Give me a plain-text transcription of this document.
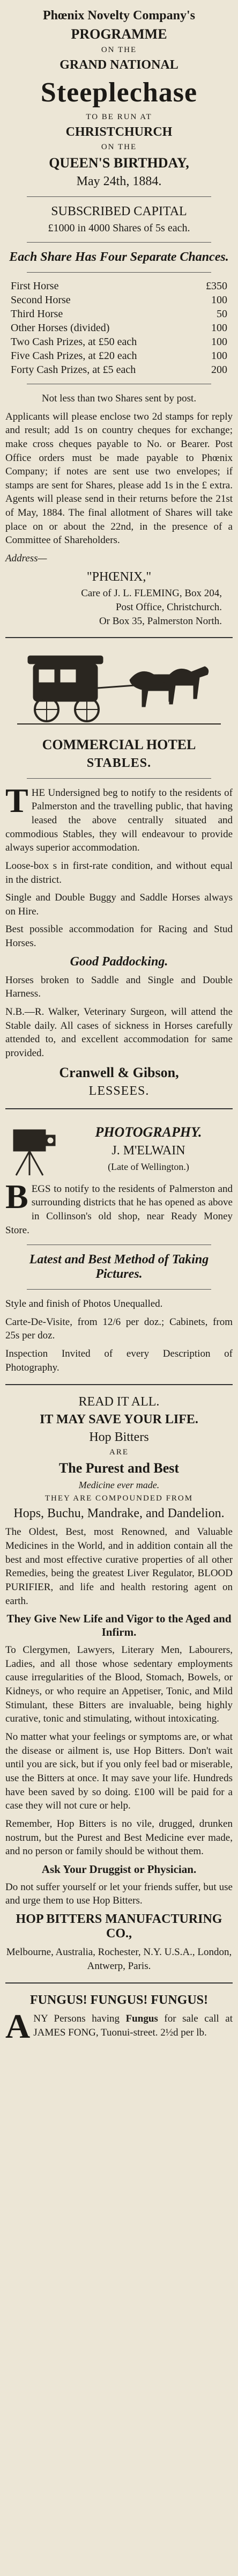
Phœnix Novelty Company's
PROGRAMME
ON THE
GRAND NATIONAL
Steeplechase
TO BE RUN AT
CHRISTCHURCH
ON THE
QUEEN'S BIRTHDAY,
May 24th, 1884.
SUBSCRIBED CAPITAL
£1000 in 4000 Shares of 5s each.
Each Share Has Four Separate Chances.
First Horse	£350
Second Horse	100
Third Horse	50
Other Horses (divided)	100
Two Cash Prizes, at £50 each	100
Five Cash Prizes, at £20 each	100
Forty Cash Prizes, at £5 each	200

Not less than two Shares sent by post.

Applicants will please enclose two 2d stamps for reply and result; add 1s on country cheques for exchange; make cross cheques payable to No. or Bearer. Post Office orders must be made payable to Phœnix Company; if notes are sent use two envelopes; if stamps are sent for Shares, please add 1s in the £ extra. Agents will please send in their returns before the 21st of May, 1884. The final allotment of Shares will take place on or about the 22nd, in the presence of a Committee of Shareholders.

Address—

"PHŒNIX,"
Care of J. L. FLEMING, Box 204,
Post Office, Christchurch.
Or Box 35, Palmerston North.
COMMERCIAL HOTEL
STABLES.

THE Undersigned beg to notify to the residents of Palmerston and the travelling public, that having leased the above centrally situated and commodious Stables, they will endeavour to provide always superior accommodation.

Loose-box s in first-rate condition, and without equal in the district.

Single and Double Buggy and Saddle Horses always on Hire.

Best possible accommodation for Racing and Stud Horses.

Good Paddocking.

Horses broken to Saddle and Single and Double Harness.

N.B.—R. Walker, Veterinary Surgeon, will attend the Stable daily. All cases of sickness in Horses carefully attended to, and excellent accommodation for same provided.

Cranwell & Gibson,
LESSEES.
PHOTOGRAPHY.
J. M'ELWAIN
(Late of Wellington.)

BEGS to notify to the residents of Palmerston and surrounding districts that he has opened as above in Collinson's old shop, near Ready Money Store.

Latest and Best Method of Taking Pictures.

Style and finish of Photos Unequalled.

Carte-De-Visite, from 12/6 per doz.; Cabinets, from 25s per doz.

Inspection Invited of every Description of Photography.

READ IT ALL.
IT MAY SAVE YOUR LIFE.
Hop Bitters
ARE
The Purest and Best
Medicine ever made.
THEY ARE COMPOUNDED FROM
Hops, Buchu, Mandrake, and Dandelion.

The Oldest, Best, most Renowned, and Valuable Medicines in the World, and in addition contain all the best and most effective curative properties of all other Remedies, being the greatest Liver Regulator, BLOOD PURIFIER, and life and health restoring agent on earth.

They Give New Life and Vigor to the Aged and Infirm.

To Clergymen, Lawyers, Literary Men, Labourers, Ladies, and all those whose sedentary employments cause irregularities of the Blood, Stomach, Bowels, or Kidneys, or who require an Appetiser, Tonic, and Mild Stimulant, these Bitters are invaluable, being highly curative, tonic and stimulating, without intoxicating.

No matter what your feelings or symptoms are, or what the disease or ailment is, use Hop Bitters. Don't wait until you are sick, but if you only feel bad or miserable, use the Bitters at once. It may save your life. Hundreds have been saved by so doing. £100 will be paid for a case they will not cure or help.

Remember, Hop Bitters is no vile, drugged, drunken nostrum, but the Purest and Best Medicine ever made, and no person or family should be without them.

Ask Your Druggist or Physician.

Do not suffer yourself or let your friends suffer, but use and urge them to use Hop Bitters.

HOP BITTERS MANUFACTURING CO.,

Melbourne, Australia, Rochester, N.Y. U.S.A., London, Antwerp, Paris.

FUNGUS! FUNGUS! FUNGUS!

ANY Persons having Fungus for sale call at JAMES FONG, Tuonui-street. 2½d per lb.
